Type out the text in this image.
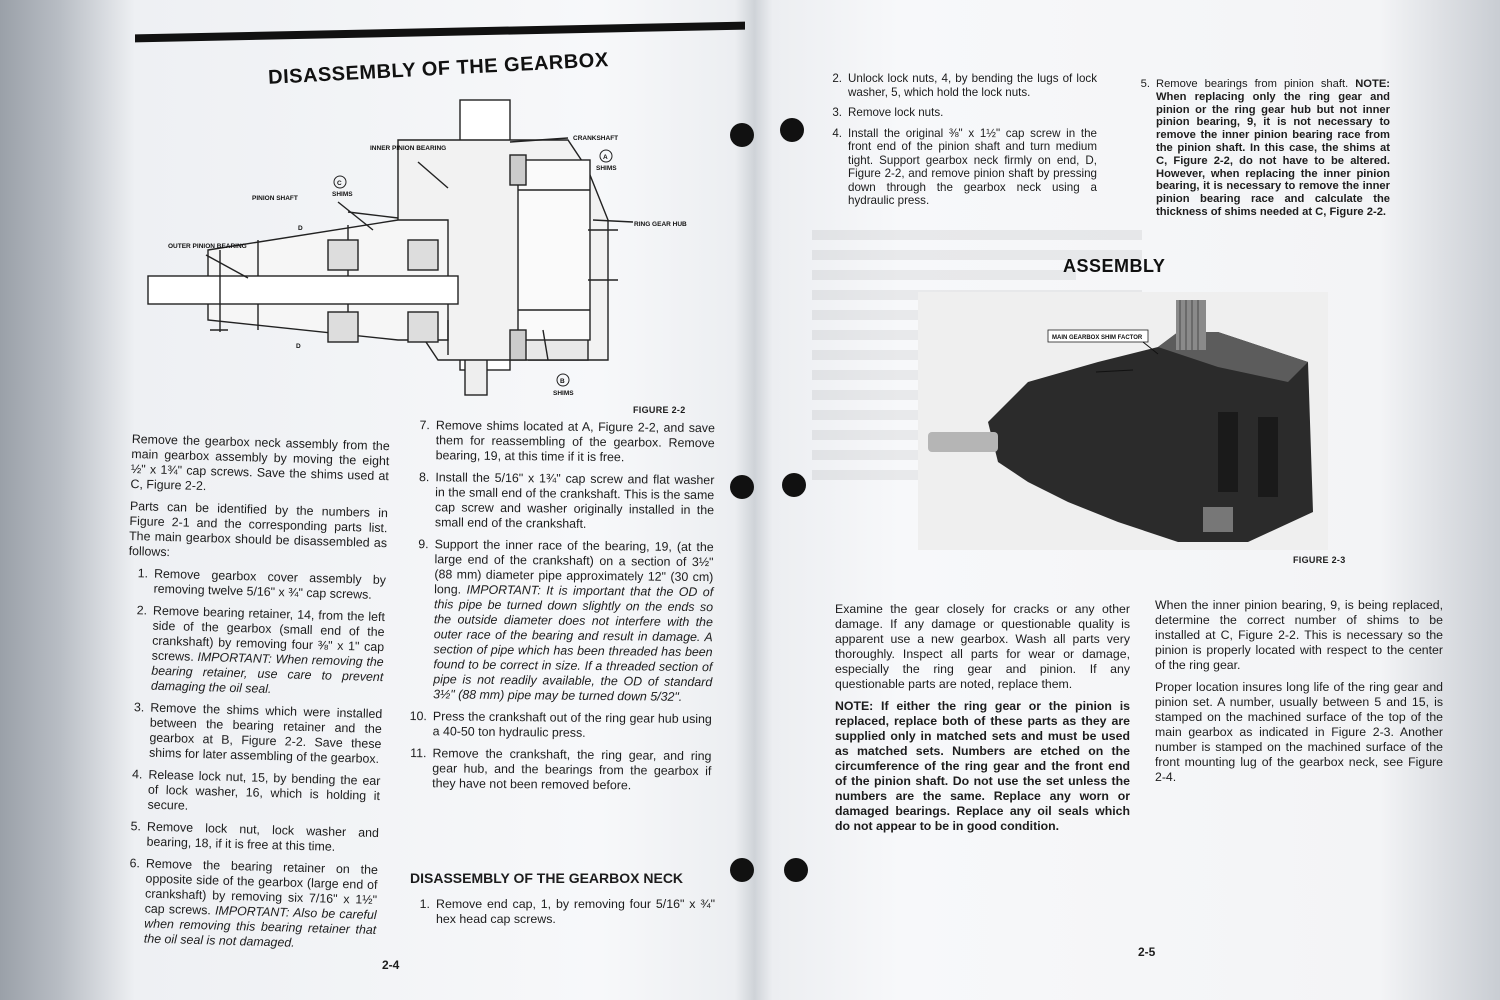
DISASSEMBLY OF THE GEARBOX
CRANKSHAFT
INNER PINION BEARING
A
SHIMS
C
SHIMS
PINION SHAFT
RING GEAR HUB
OUTER PINION BEARING
D
D
B
SHIMS
FIGURE 2-2

Remove the gearbox neck assembly from the main gearbox assembly by moving the eight ½" x 1¾" cap screws. Save the shims used at C, Figure 2-2.

Parts can be identified by the numbers in Figure 2-1 and the corresponding parts list. The main gearbox should be disassembled as follows:

1. Remove gearbox cover assembly by removing twelve 5/16" x ¾" cap screws.
2. Remove bearing retainer, 14, from the left side of the gearbox (small end of the crankshaft) by removing four ⅜" x 1" cap screws. IMPORTANT: When removing the bearing retainer, use care to prevent damaging the oil seal.
3. Remove the shims which were installed between the bearing retainer and the gearbox at B, Figure 2-2. Save these shims for later assembling of the gearbox.
4. Release lock nut, 15, by bending the ear of lock washer, 16, which is holding it secure.
5. Remove lock nut, lock washer and bearing, 18, if it is free at this time.
6. Remove the bearing retainer on the opposite side of the gearbox (large end of crankshaft) by removing six 7/16" x 1½" cap screws. IMPORTANT: Also be careful when removing this bearing retainer that the oil seal is not damaged.
7. Remove shims located at A, Figure 2-2, and save them for reassembling of the gearbox. Remove bearing, 19, at this time if it is free.
8. Install the 5/16" x 1¾" cap screw and flat washer in the small end of the crankshaft. This is the same cap screw and washer originally installed in the small end of the crankshaft.
9. Support the inner race of the bearing, 19, (at the large end of the crankshaft) on a section of 3½" (88 mm) diameter pipe approximately 12" (30 cm) long. IMPORTANT: It is important that the OD of this pipe be turned down slightly on the ends so the outside diameter does not interfere with the outer race of the bearing and result in damage. A section of pipe which has been threaded has been found to be correct in size. If a threaded section of pipe is not readily available, the OD of standard 3½" (88 mm) pipe may be turned down 5/32".
10. Press the crankshaft out of the ring gear hub using a 40-50 ton hydraulic press.
11. Remove the crankshaft, the ring gear, and ring gear hub, and the bearings from the gearbox if they have not been removed before.
DISASSEMBLY OF THE GEARBOX NECK
1. Remove end cap, 1, by removing four 5/16" x ¾" hex head cap screws.
2-4
2. Unlock lock nuts, 4, by bending the lugs of lock washer, 5, which hold the lock nuts.
3. Remove lock nuts.
4. Install the original ⅜" x 1½" cap screw in the front end of the pinion shaft and turn medium tight. Support gearbox neck firmly on end, D, Figure 2-2, and remove pinion shaft by pressing down through the gearbox neck using a hydraulic press.
5. Remove bearings from pinion shaft. NOTE: When replacing only the ring gear and pinion or the ring gear hub but not inner pinion bearing, 9, it is not necessary to remove the inner pinion bearing race from the pinion shaft. In this case, the shims at C, Figure 2-2, do not have to be altered. However, when replacing the inner pinion bearing, it is necessary to remove the inner pinion bearing race and calculate the thickness of shims needed at C, Figure 2-2.
ASSEMBLY
MAIN GEARBOX SHIM FACTOR
FIGURE 2-3

Examine the gear closely for cracks or any other damage. If any damage or questionable quality is apparent use a new gearbox. Wash all parts very thoroughly. Inspect all parts for wear or damage, especially the ring gear and pinion. If any questionable parts are noted, replace them.

NOTE: If either the ring gear or the pinion is replaced, replace both of these parts as they are supplied only in matched sets and must be used as matched sets. Numbers are etched on the circumference of the ring gear and the front end of the pinion shaft. Do not use the set unless the numbers are the same. Replace any worn or damaged bearings. Replace any oil seals which do not appear to be in good condition.

When the inner pinion bearing, 9, is being replaced, determine the correct number of shims to be installed at C, Figure 2-2. This is necessary so the pinion is properly located with respect to the center of the ring gear.

Proper location insures long life of the ring gear and pinion set. A number, usually between 5 and 15, is stamped on the machined surface of the top of the main gearbox as indicated in Figure 2-3. Another number is stamped on the machined surface of the front mounting lug of the gearbox neck, see Figure 2-4.

2-5
